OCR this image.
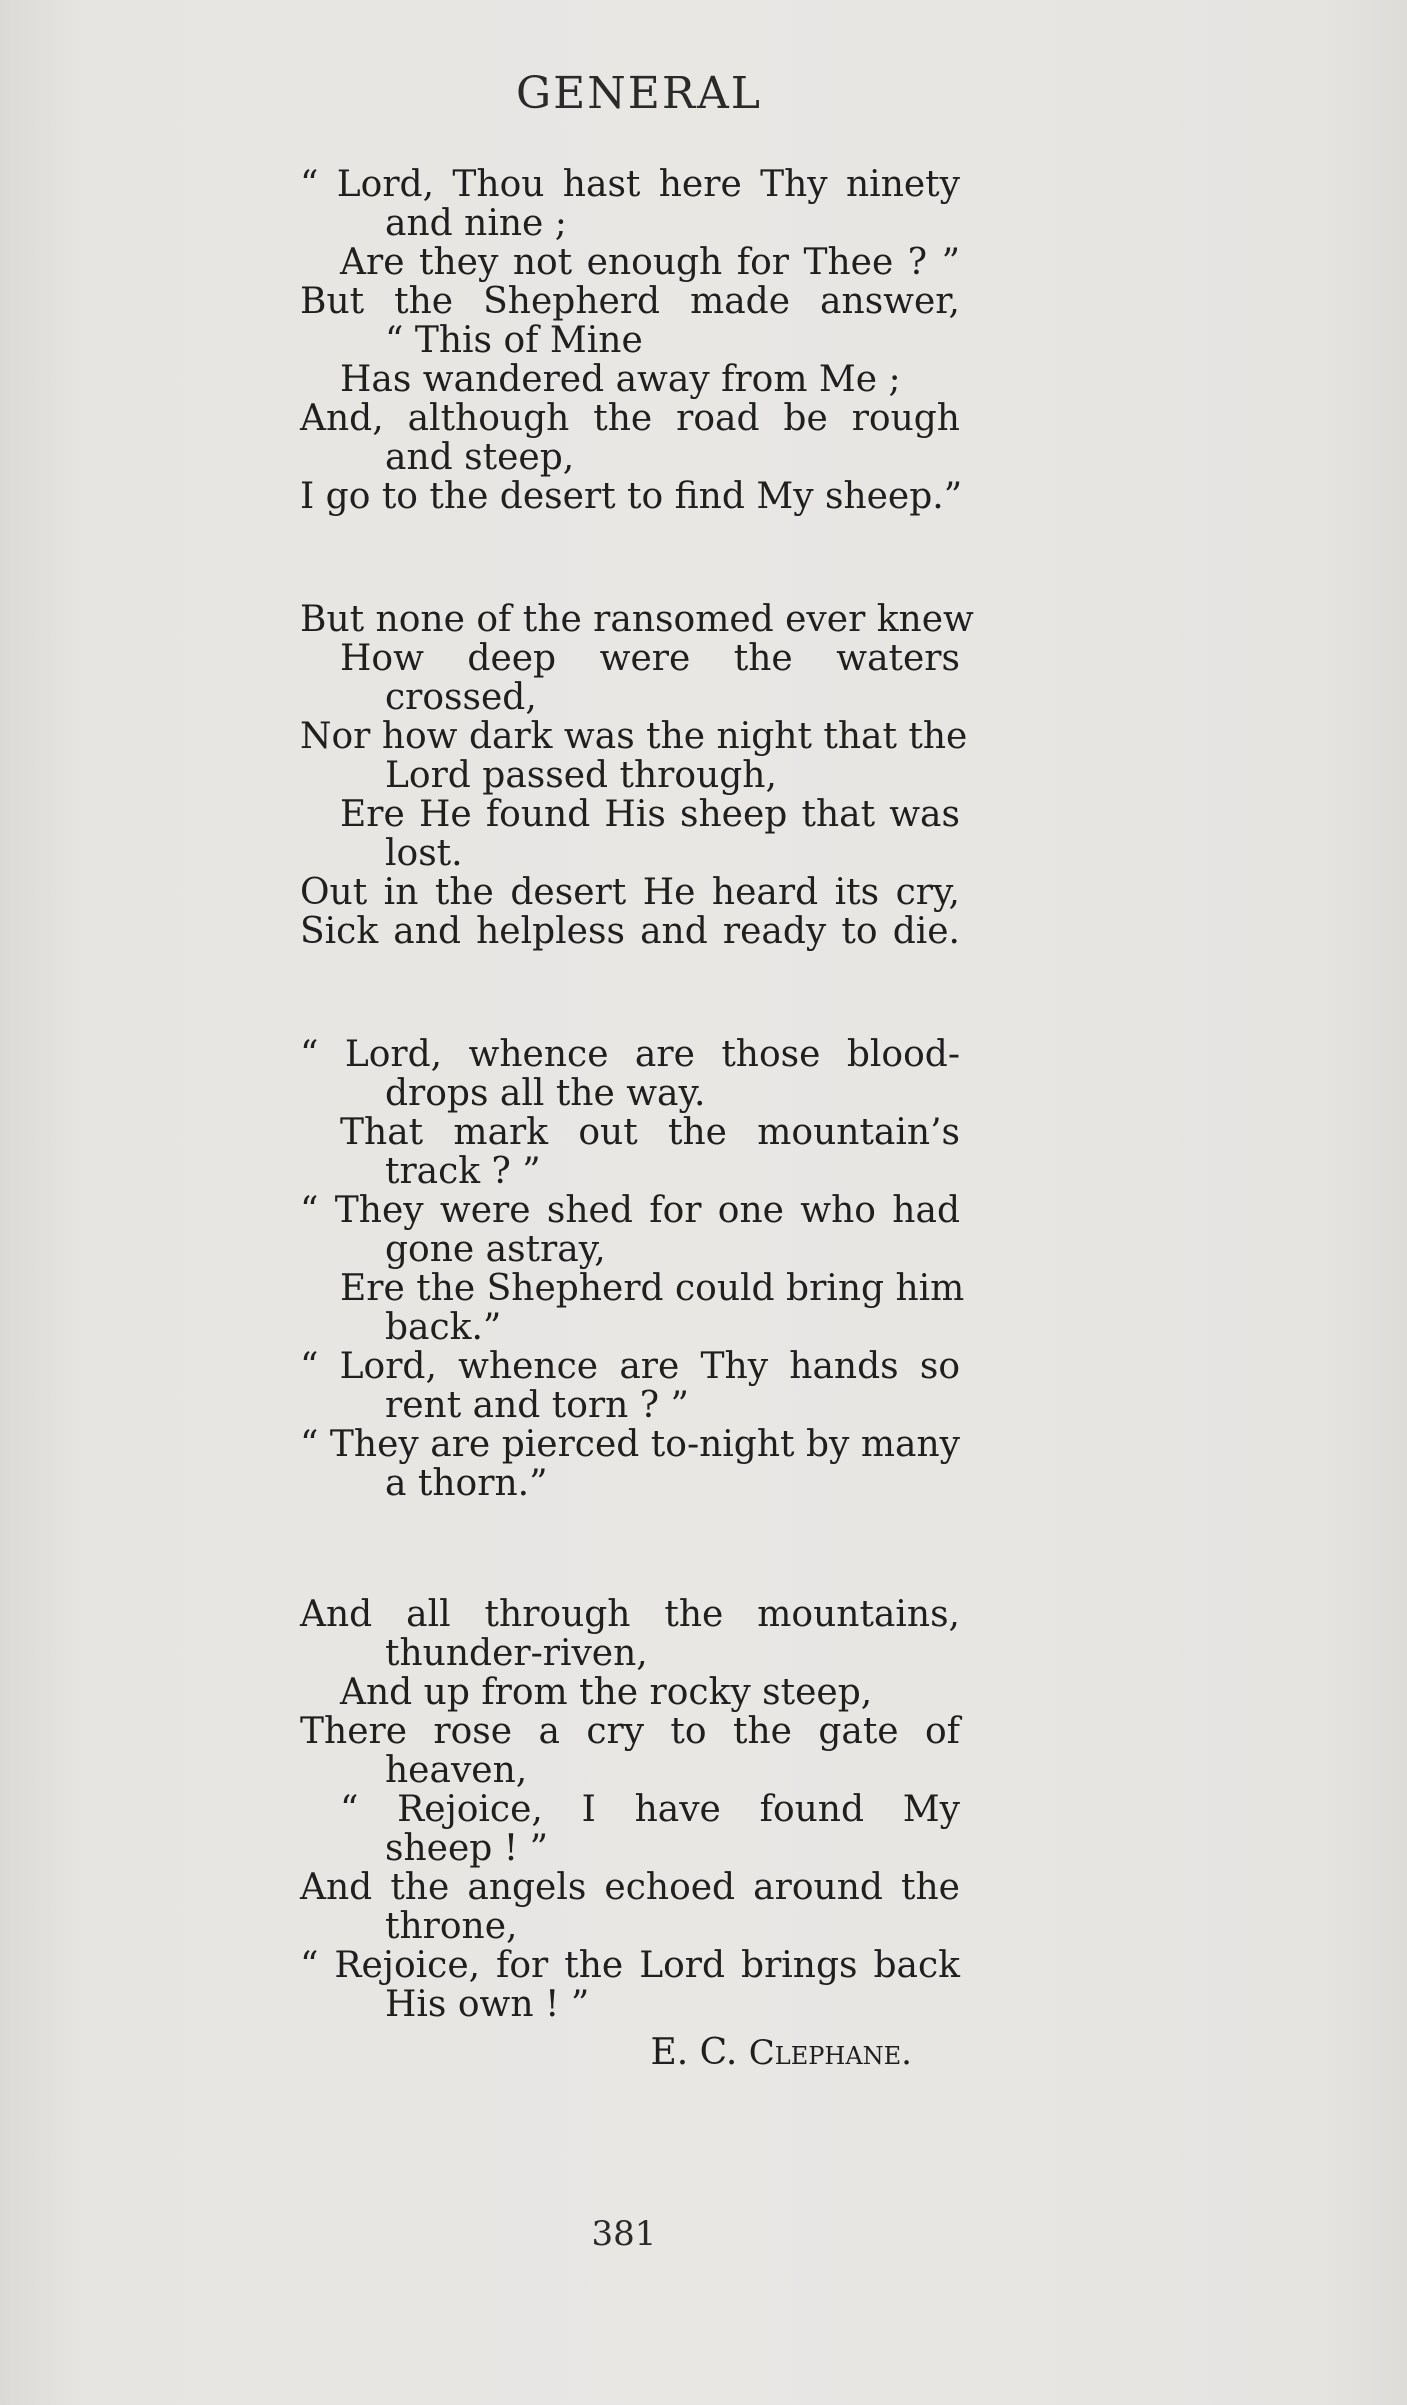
GENERAL
“ Lord, Thou hast here Thy ninety
and nine ;
Are they not enough for Thee ? ”
But the Shepherd made answer,
“ This of Mine
Has wandered away from Me ;
And, although the road be rough
and steep,
I go to the desert to find My sheep.”
But none of the ransomed ever knew
How deep were the waters
crossed,
Nor how dark was the night that the
Lord passed through,
Ere He found His sheep that was
lost.
Out in the desert He heard its cry,
Sick and helpless and ready to die.
“ Lord, whence are those blood-
drops all the way.
That mark out the mountain’s
track ? ”
“ They were shed for one who had
gone astray,
Ere the Shepherd could bring him
back.”
“ Lord, whence are Thy hands so
rent and torn ? ”
“ They are pierced to-night by many
a thorn.”
And all through the mountains,
thunder-riven,
And up from the rocky steep,
There rose a cry to the gate of
heaven,
“ Rejoice, I have found My
sheep ! ”
And the angels echoed around the
throne,
“ Rejoice, for the Lord brings back
His own ! ”
E. C. Clephane.
381
